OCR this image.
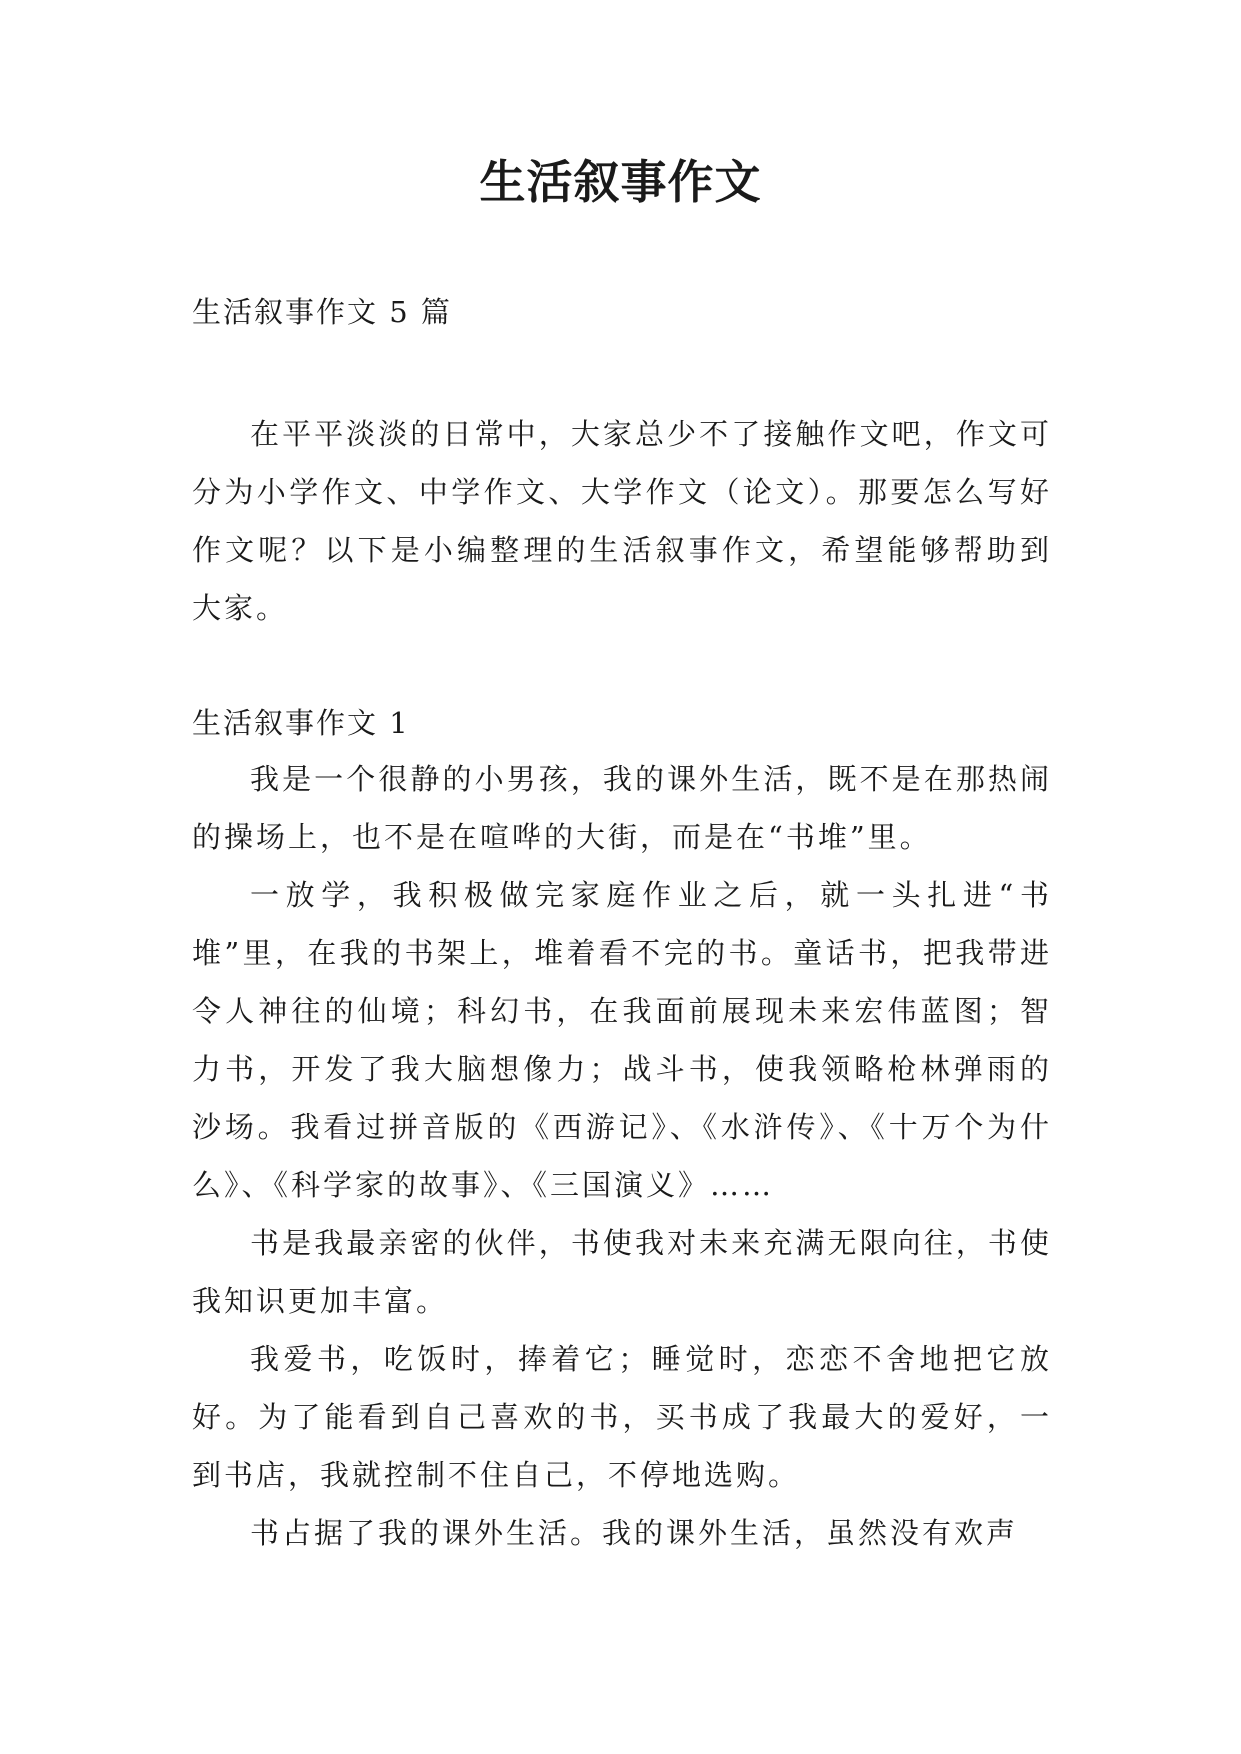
生活叙事作文
生活叙事作文 5 篇

在平平淡淡的日常中，大家总少不了接触作文吧，作文可分为小学作文、中学作文、大学作文（论文）。那要怎么写好作文呢？以下是小编整理的生活叙事作文，希望能够帮助到大家。

生活叙事作文 1

我是一个很静的小男孩，我的课外生活，既不是在那热闹的操场上，也不是在喧哗的大街，而是在“书堆”里。

一放学，我积极做完家庭作业之后，就一头扎进“书堆”里，在我的书架上，堆着看不完的书。童话书，把我带进令人神往的仙境；科幻书，在我面前展现未来宏伟蓝图；智力书，开发了我大脑想像力；战斗书，使我领略枪林弹雨的沙场。我看过拼音版的《西游记》、《水浒传》、《十万个为什么》、《科学家的故事》、《三国演义》……

书是我最亲密的伙伴，书使我对未来充满无限向往，书使我知识更加丰富。

我爱书，吃饭时，捧着它；睡觉时，恋恋不舍地把它放好。为了能看到自己喜欢的书，买书成了我最大的爱好，一到书店，我就控制不住自己，不停地选购。

书占据了我的课外生活。我的课外生活，虽然没有欢声
